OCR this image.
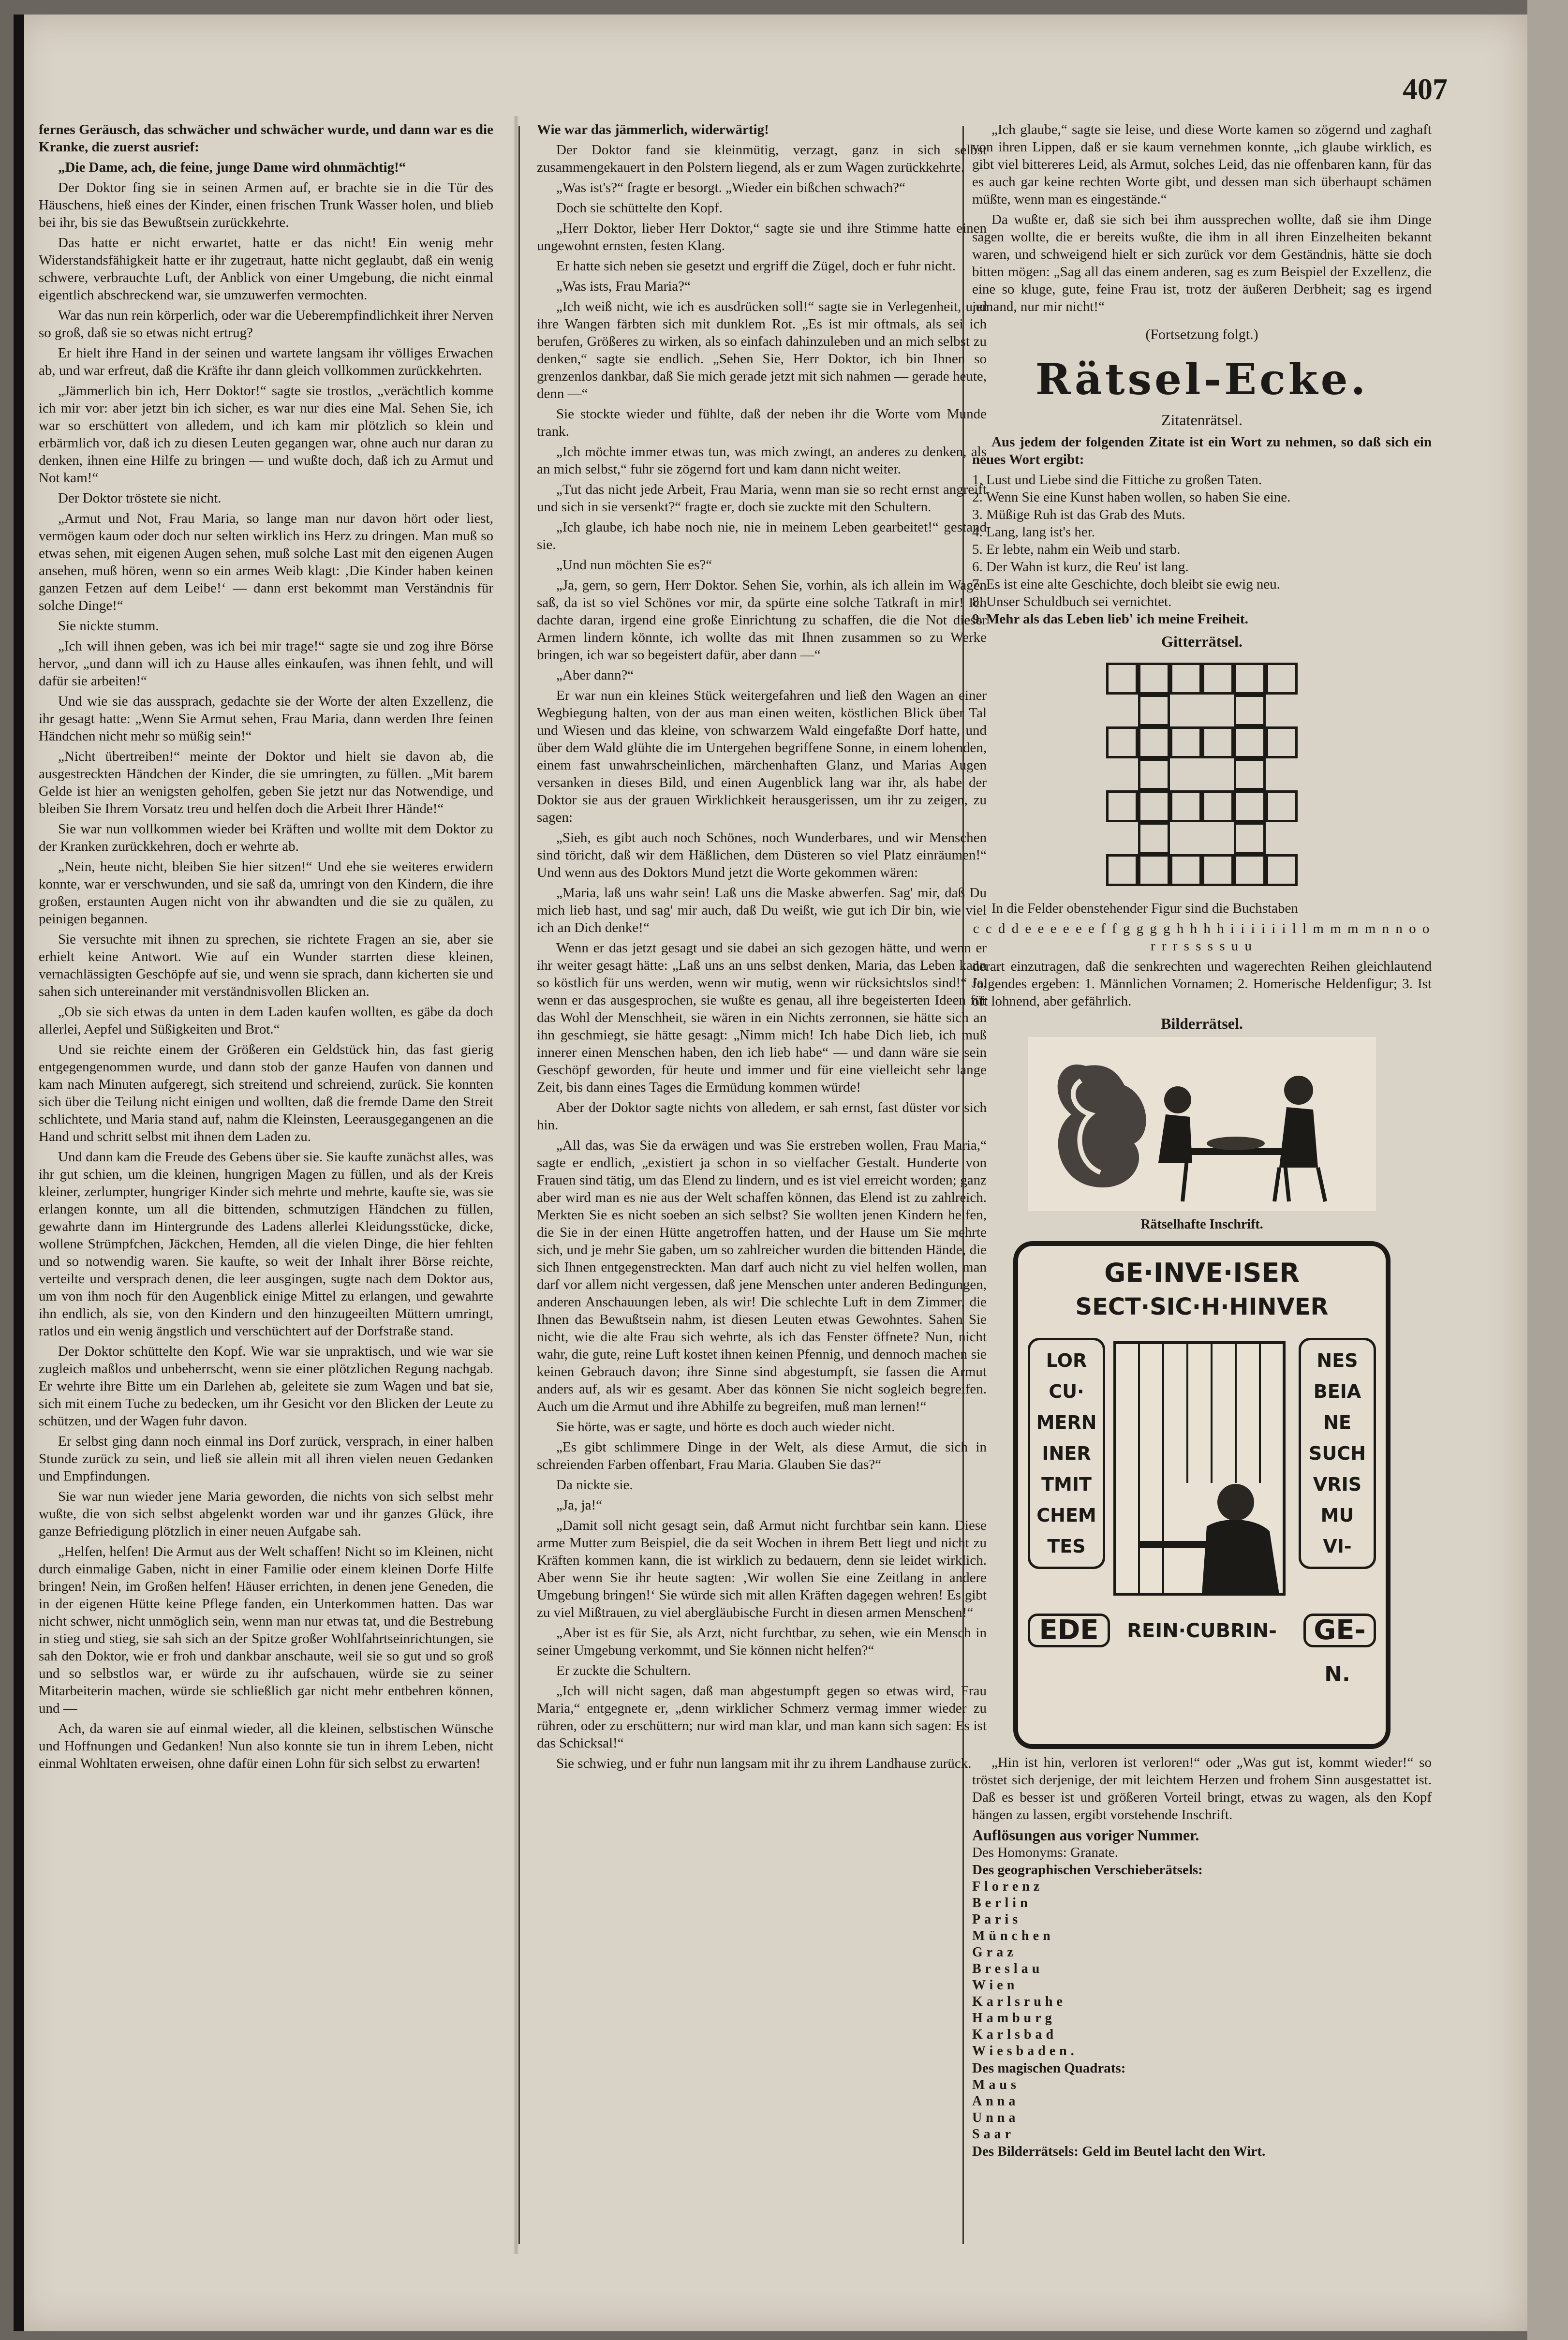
407

fernes Geräusch, das schwächer und schwächer wurde, und dann war es die Kranke, die zuerst ausrief:

„Die Dame, ach, die feine, junge Dame wird ohnmächtig!“

Der Doktor fing sie in seinen Armen auf, er brachte sie in die Tür des Häuschens, hieß eines der Kinder, einen frischen Trunk Wasser holen, und blieb bei ihr, bis sie das Bewußtsein zurückkehrte.

Das hatte er nicht erwartet, hatte er das nicht! Ein wenig mehr Widerstandsfähigkeit hatte er ihr zugetraut, hatte nicht geglaubt, daß ein wenig schwere, verbrauchte Luft, der Anblick von einer Umgebung, die nicht einmal eigentlich abschreckend war, sie umzuwerfen vermochten.

War das nun rein körperlich, oder war die Ueberempfindlichkeit ihrer Nerven so groß, daß sie so etwas nicht ertrug?

Er hielt ihre Hand in der seinen und wartete langsam ihr völliges Erwachen ab, und war erfreut, daß die Kräfte ihr dann gleich vollkommen zurückkehrten.

„Jämmerlich bin ich, Herr Doktor!“ sagte sie trostlos, „verächtlich komme ich mir vor: aber jetzt bin ich sicher, es war nur dies eine Mal. Sehen Sie, ich war so erschüttert von alledem, und ich kam mir plötzlich so klein und erbärmlich vor, daß ich zu diesen Leuten gegangen war, ohne auch nur daran zu denken, ihnen eine Hilfe zu bringen — und wußte doch, daß ich zu Armut und Not kam!“

Der Doktor tröstete sie nicht.

„Armut und Not, Frau Maria, so lange man nur davon hört oder liest, vermögen kaum oder doch nur selten wirklich ins Herz zu dringen. Man muß so etwas sehen, mit eigenen Augen sehen, muß solche Last mit den eigenen Augen ansehen, muß hören, wenn so ein armes Weib klagt: ‚Die Kinder haben keinen ganzen Fetzen auf dem Leibe!‘ — dann erst bekommt man Verständnis für solche Dinge!“

Sie nickte stumm.

„Ich will ihnen geben, was ich bei mir trage!“ sagte sie und zog ihre Börse hervor, „und dann will ich zu Hause alles einkaufen, was ihnen fehlt, und will dafür sie arbeiten!“

Und wie sie das aussprach, gedachte sie der Worte der alten Exzellenz, die ihr gesagt hatte: „Wenn Sie Armut sehen, Frau Maria, dann werden Ihre feinen Händchen nicht mehr so müßig sein!“

„Nicht übertreiben!“ meinte der Doktor und hielt sie davon ab, die ausgestreckten Händchen der Kinder, die sie umringten, zu füllen. „Mit barem Gelde ist hier an wenigsten geholfen, geben Sie jetzt nur das Notwendige, und bleiben Sie Ihrem Vorsatz treu und helfen doch die Arbeit Ihrer Hände!“

Sie war nun vollkommen wieder bei Kräften und wollte mit dem Doktor zu der Kranken zurückkehren, doch er wehrte ab.

„Nein, heute nicht, bleiben Sie hier sitzen!“ Und ehe sie weiteres erwidern konnte, war er verschwunden, und sie saß da, umringt von den Kindern, die ihre großen, erstaunten Augen nicht von ihr abwandten und die sie zu quälen, zu peinigen begannen.

Sie versuchte mit ihnen zu sprechen, sie richtete Fragen an sie, aber sie erhielt keine Antwort. Wie auf ein Wunder starrten diese kleinen, vernachlässigten Geschöpfe auf sie, und wenn sie sprach, dann kicherten sie und sahen sich untereinander mit verständnisvollen Blicken an.

„Ob sie sich etwas da unten in dem Laden kaufen wollten, es gäbe da doch allerlei, Aepfel und Süßigkeiten und Brot.“

Und sie reichte einem der Größeren ein Geldstück hin, das fast gierig entgegengenommen wurde, und dann stob der ganze Haufen von dannen und kam nach Minuten aufgeregt, sich streitend und schreiend, zurück. Sie konnten sich über die Teilung nicht einigen und wollten, daß die fremde Dame den Streit schlichtete, und Maria stand auf, nahm die Kleinsten, Leerausgegangenen an die Hand und schritt selbst mit ihnen dem Laden zu.

Und dann kam die Freude des Gebens über sie. Sie kaufte zunächst alles, was ihr gut schien, um die kleinen, hungrigen Magen zu füllen, und als der Kreis kleiner, zerlumpter, hungriger Kinder sich mehrte und mehrte, kaufte sie, was sie erlangen konnte, um all die bittenden, schmutzigen Händchen zu füllen, gewahrte dann im Hintergrunde des Ladens allerlei Kleidungsstücke, dicke, wollene Strümpfchen, Jäckchen, Hemden, all die vielen Dinge, die hier fehlten und so notwendig waren. Sie kaufte, so weit der Inhalt ihrer Börse reichte, verteilte und versprach denen, die leer ausgingen, sugte nach dem Doktor aus, um von ihm noch für den Augenblick einige Mittel zu erlangen, und gewahrte ihn endlich, als sie, von den Kindern und den hinzugeeilten Müttern umringt, ratlos und ein wenig ängstlich und verschüchtert auf der Dorfstraße stand.

Der Doktor schüttelte den Kopf. Wie war sie unpraktisch, und wie war sie zugleich maßlos und unbeherrscht, wenn sie einer plötzlichen Regung nachgab. Er wehrte ihre Bitte um ein Darlehen ab, geleitete sie zum Wagen und bat sie, sich mit einem Tuche zu bedecken, um ihr Gesicht vor den Blicken der Leute zu schützen, und der Wagen fuhr davon.

Er selbst ging dann noch einmal ins Dorf zurück, versprach, in einer halben Stunde zurück zu sein, und ließ sie allein mit all ihren vielen neuen Gedanken und Empfindungen.

Sie war nun wieder jene Maria geworden, die nichts von sich selbst mehr wußte, die von sich selbst abgelenkt worden war und ihr ganzes Glück, ihre ganze Befriedigung plötzlich in einer neuen Aufgabe sah.

„Helfen, helfen! Die Armut aus der Welt schaffen! Nicht so im Kleinen, nicht durch einmalige Gaben, nicht in einer Familie oder einem kleinen Dorfe Hilfe bringen! Nein, im Großen helfen! Häuser errichten, in denen jene Geneden, die in der eigenen Hütte keine Pflege fanden, ein Unterkommen hatten. Das war nicht schwer, nicht unmöglich sein, wenn man nur etwas tat, und die Bestrebung in stieg und stieg, sie sah sich an der Spitze großer Wohlfahrtseinrichtungen, sie sah den Doktor, wie er froh und dankbar anschaute, weil sie so gut und so groß und so selbstlos war, er würde zu ihr aufschauen, würde sie zu seiner Mitarbeiterin machen, würde sie schließlich gar nicht mehr entbehren können, und —

Ach, da waren sie auf einmal wieder, all die kleinen, selbstischen Wünsche und Hoffnungen und Gedanken! Nun also konnte sie tun in ihrem Leben, nicht einmal Wohltaten erweisen, ohne dafür einen Lohn für sich selbst zu erwarten!

Wie war das jämmerlich, widerwärtig!

Der Doktor fand sie kleinmütig, verzagt, ganz in sich selbst zusammengekauert in den Polstern liegend, als er zum Wagen zurückkehrte.

„Was ist's?“ fragte er besorgt. „Wieder ein bißchen schwach?“

Doch sie schüttelte den Kopf.

„Herr Doktor, lieber Herr Doktor,“ sagte sie und ihre Stimme hatte einen ungewohnt ernsten, festen Klang.

Er hatte sich neben sie gesetzt und ergriff die Zügel, doch er fuhr nicht.

„Was ists, Frau Maria?“

„Ich weiß nicht, wie ich es ausdrücken soll!“ sagte sie in Verlegenheit, und ihre Wangen färbten sich mit dunklem Rot. „Es ist mir oftmals, als sei ich berufen, Größeres zu wirken, als so einfach dahinzuleben und an mich selbst zu denken,“ sagte sie endlich. „Sehen Sie, Herr Doktor, ich bin Ihnen so grenzenlos dankbar, daß Sie mich gerade jetzt mit sich nahmen — gerade heute, denn —“

Sie stockte wieder und fühlte, daß der neben ihr die Worte vom Munde trank.

„Ich möchte immer etwas tun, was mich zwingt, an anderes zu denken, als an mich selbst,“ fuhr sie zögernd fort und kam dann nicht weiter.

„Tut das nicht jede Arbeit, Frau Maria, wenn man sie so recht ernst angreift und sich in sie versenkt?“ fragte er, doch sie zuckte mit den Schultern.

„Ich glaube, ich habe noch nie, nie in meinem Leben gearbeitet!“ gestand sie.

„Und nun möchten Sie es?“

„Ja, gern, so gern, Herr Doktor. Sehen Sie, vorhin, als ich allein im Wagen saß, da ist so viel Schönes vor mir, da spürte eine solche Tatkraft in mir! Ich dachte daran, irgend eine große Einrichtung zu schaffen, die die Not dieser Armen lindern könnte, ich wollte das mit Ihnen zusammen so zu Werke bringen, ich war so begeistert dafür, aber dann —“

„Aber dann?“

Er war nun ein kleines Stück weitergefahren und ließ den Wagen an einer Wegbiegung halten, von der aus man einen weiten, köstlichen Blick über Tal und Wiesen und das kleine, von schwarzem Wald eingefaßte Dorf hatte, und über dem Wald glühte die im Untergehen begriffene Sonne, in einem lohenden, einem fast unwahrscheinlichen, märchenhaften Glanz, und Marias Augen versanken in dieses Bild, und einen Augenblick lang war ihr, als habe der Doktor sie aus der grauen Wirklichkeit herausgerissen, um ihr zu zeigen, zu sagen:

„Sieh, es gibt auch noch Schönes, noch Wunderbares, und wir Menschen sind töricht, daß wir dem Häßlichen, dem Düsteren so viel Platz einräumen!“ Und wenn aus des Doktors Mund jetzt die Worte gekommen wären:

„Maria, laß uns wahr sein! Laß uns die Maske abwerfen. Sag' mir, daß Du mich lieb hast, und sag' mir auch, daß Du weißt, wie gut ich Dir bin, wie viel ich an Dich denke!“

Wenn er das jetzt gesagt und sie dabei an sich gezogen hätte, und wenn er ihr weiter gesagt hätte: „Laß uns an uns selbst denken, Maria, das Leben kann so köstlich für uns werden, wenn wir mutig, wenn wir rücksichtslos sind!“ Ja, wenn er das ausgesprochen, sie wußte es genau, all ihre begeisterten Ideen für das Wohl der Menschheit, sie wären in ein Nichts zerronnen, sie hätte sich an ihn geschmiegt, sie hätte gesagt: „Nimm mich! Ich habe Dich lieb, ich muß innerer einen Menschen haben, den ich lieb habe“ — und dann wäre sie sein Geschöpf geworden, für heute und immer und für eine vielleicht sehr lange Zeit, bis dann eines Tages die Ermüdung kommen würde!

Aber der Doktor sagte nichts von alledem, er sah ernst, fast düster vor sich hin.

„All das, was Sie da erwägen und was Sie erstreben wollen, Frau Maria,“ sagte er endlich, „existiert ja schon in so vielfacher Gestalt. Hunderte von Frauen sind tätig, um das Elend zu lindern, und es ist viel erreicht worden; ganz aber wird man es nie aus der Welt schaffen können, das Elend ist zu zahlreich. Merkten Sie es nicht soeben an sich selbst? Sie wollten jenen Kindern helfen, die Sie in der einen Hütte angetroffen hatten, und der Hause um Sie mehrte sich, und je mehr Sie gaben, um so zahlreicher wurden die bittenden Hände, die sich Ihnen entgegenstreckten. Man darf auch nicht zu viel helfen wollen, man darf vor allem nicht vergessen, daß jene Menschen unter anderen Bedingungen, anderen Anschauungen leben, als wir! Die schlechte Luft in dem Zimmer, die Ihnen das Bewußtsein nahm, ist diesen Leuten etwas Gewohntes. Sahen Sie nicht, wie die alte Frau sich wehrte, als ich das Fenster öffnete? Nun, nicht wahr, die gute, reine Luft kostet ihnen keinen Pfennig, und dennoch machen sie keinen Gebrauch davon; ihre Sinne sind abgestumpft, sie fassen die Armut anders auf, als wir es gesamt. Aber das können Sie nicht sogleich begreifen. Auch um die Armut und ihre Abhilfe zu begreifen, muß man lernen!“

Sie hörte, was er sagte, und hörte es doch auch wieder nicht.

„Es gibt schlimmere Dinge in der Welt, als diese Armut, die sich in schreienden Farben offenbart, Frau Maria. Glauben Sie das?“

Da nickte sie.

„Ja, ja!“

„Damit soll nicht gesagt sein, daß Armut nicht furchtbar sein kann. Diese arme Mutter zum Beispiel, die da seit Wochen in ihrem Bett liegt und nicht zu Kräften kommen kann, die ist wirklich zu bedauern, denn sie leidet wirklich. Aber wenn Sie ihr heute sagten: ‚Wir wollen Sie eine Zeitlang in andere Umgebung bringen!‘ Sie würde sich mit allen Kräften dagegen wehren! Es gibt zu viel Mißtrauen, zu viel abergläubische Furcht in diesen armen Menschen!“

„Aber ist es für Sie, als Arzt, nicht furchtbar, zu sehen, wie ein Mensch in seiner Umgebung verkommt, und Sie können nicht helfen?“

Er zuckte die Schultern.

„Ich will nicht sagen, daß man abgestumpft gegen so etwas wird, Frau Maria,“ entgegnete er, „denn wirklicher Schmerz vermag immer wieder zu rühren, oder zu erschüttern; nur wird man klar, und man kann sich sagen: Es ist das Schicksal!“

Sie schwieg, und er fuhr nun langsam mit ihr zu ihrem Landhause zurück.

„Ich glaube,“ sagte sie leise, und diese Worte kamen so zögernd und zaghaft von ihren Lippen, daß er sie kaum vernehmen konnte, „ich glaube wirklich, es gibt viel bittereres Leid, als Armut, solches Leid, das nie offenbaren kann, für das es auch gar keine rechten Worte gibt, und dessen man sich überhaupt schämen müßte, wenn man es eingestände.“

Da wußte er, daß sie sich bei ihm aussprechen wollte, daß sie ihm Dinge sagen wollte, die er bereits wußte, die ihm in all ihren Einzelheiten bekannt waren, und schweigend hielt er sich zurück vor dem Geständnis, hätte sie doch bitten mögen: „Sag all das einem anderen, sag es zum Beispiel der Exzellenz, die eine so kluge, gute, feine Frau ist, trotz der äußeren Derbheit; sag es irgend jemand, nur mir nicht!“

(Fortsetzung folgt.)

Rätsel-Ecke.

Zitatenrätsel.

Aus jedem der folgenden Zitate ist ein Wort zu nehmen, so daß sich ein neues Wort ergibt:

1. Lust und Liebe sind die Fittiche zu großen Taten.

2. Wenn Sie eine Kunst haben wollen, so haben Sie eine.

3. Müßige Ruh ist das Grab des Muts.

4. Lang, lang ist's her.

5. Er lebte, nahm ein Weib und starb.

6. Der Wahn ist kurz, die Reu' ist lang.

7. Es ist eine alte Geschichte, doch bleibt sie ewig neu.

8. Unser Schuldbuch sei vernichtet.

9. Mehr als das Leben lieb' ich meine Freiheit.

Gitterrätsel.

In die Felder obenstehender Figur sind die Buchstaben

c c d d e e e e e e f f g g g g h h h h i i i i i i l l m m m m n n o o r r r s s s s u u

derart einzutragen, daß die senkrechten und wagerechten Reihen gleichlautend folgendes ergeben: 1. Männlichen Vornamen; 2. Homerische Heldenfigur; 3. Ist oft lohnend, aber gefährlich.

Bilderrätsel.

Rätselhafte Inschrift.

GE·INVE·ISER
SECT·SIC·H·HINVER
LOR
CU·
MERN
INER
TMIT
CHEM
TES
NES
BEIA
NE
SUCH
VRIS
MU
VI-
EDE	REIN·CUBRIN-	GE-
N.

„Hin ist hin, verloren ist verloren!“ oder „Was gut ist, kommt wieder!“ so tröstet sich derjenige, der mit leichtem Herzen und frohem Sinn ausgestattet ist. Daß es besser ist und größeren Vorteil bringt, etwas zu wagen, als den Kopf hängen zu lassen, ergibt vorstehende Inschrift.

Auflösungen aus voriger Nummer.

Des Homonyms: Granate.

Des geographischen Verschieberätsels:

Florenz

Berlin

Paris

München

Graz

Breslau

Wien

Karlsruhe

Hamburg

Karlsbad

Wiesbaden.

Des magischen Quadrats:

Maus

Anna

Unna

Saar

Des Bilderrätsels: Geld im Beutel lacht den Wirt.
